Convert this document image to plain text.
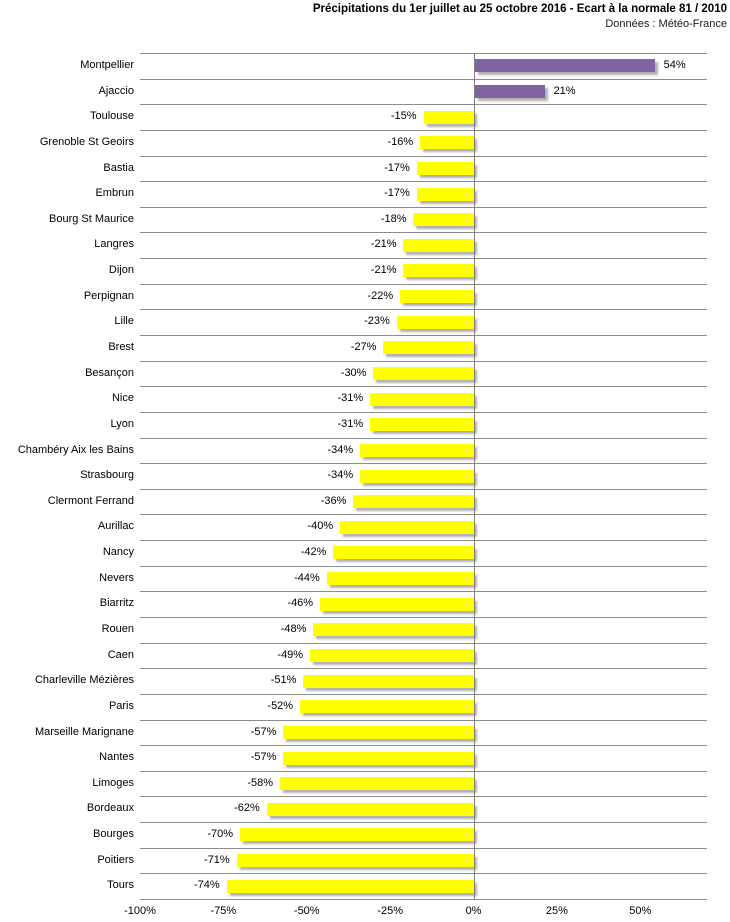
Précipitations du 1er juillet au 25 octobre 2016 - Ecart à la normale 81 / 2010
Données : Météo-France
Montpellier	54%
Ajaccio	21%
Toulouse	-15%
Grenoble St Geoirs	-16%
Bastia	-17%
Embrun	-17%
Bourg St Maurice	-18%
Langres	-21%
Dijon	-21%
Perpignan	-22%
Lille	-23%
Brest	-27%
Besançon	-30%
Nice	-31%
Lyon	-31%
Chambéry Aix les Bains	-34%
Strasbourg	-34%
Clermont Ferrand	-36%
Aurillac	-40%
Nancy	-42%
Nevers	-44%
Biarritz	-46%
Rouen	-48%
Caen	-49%
Charleville Mézières	-51%
Paris	-52%
Marseille Marignane	-57%
Nantes	-57%
Limoges	-58%
Bordeaux	-62%
Bourges	-70%
Poitiers	-71%
Tours	-74%
-100%	-75%	-50%	-25%	0%	25%	50%
